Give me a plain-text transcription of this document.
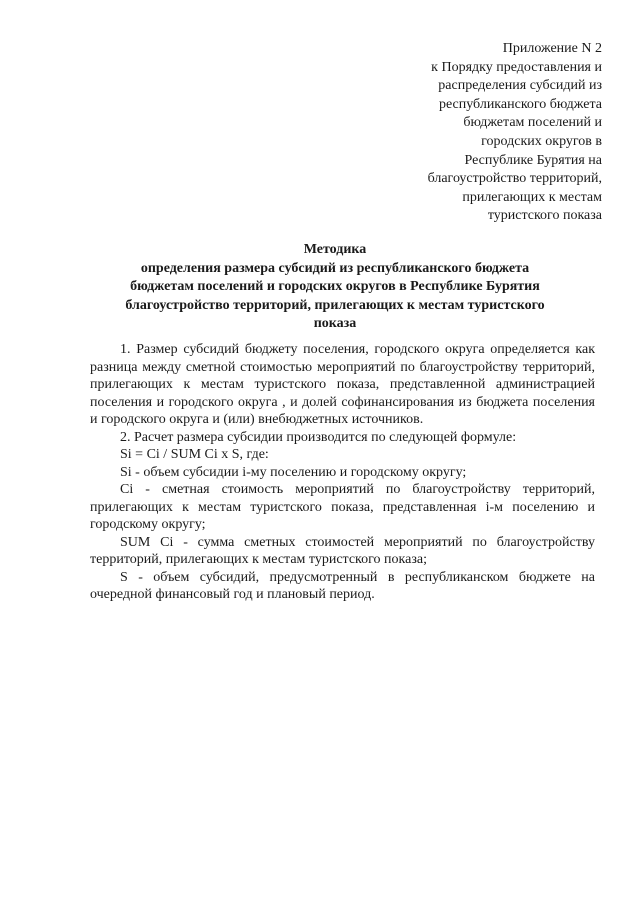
Приложение N 2
к Порядку предоставления и
распределения субсидий из
республиканского бюджета
бюджетам поселений и
городских округов в
Республике Бурятия на
благоустройство территорий,
прилегающих к местам
туристского показа
Методика
определения размера субсидий из республиканского бюджета
бюджетам поселений и городских округов в Республике Бурятия
благоустройство территорий, прилегающих к местам туристского
показа

1. Размер субсидий бюджету поселения, городского округа определяется как разница между сметной стоимостью мероприятий по благоустройству территорий, прилегающих к местам туристского показа, представленной администрацией поселения и городского округа , и долей софинансирования из бюджета поселения и городского округа и (или) внебюджетных источников.

2. Расчет размера субсидии производится по следующей формуле:

Si = Ci / SUM Ci x S, где:

Si - объем субсидии i-му поселению и городскому округу;

Ci - сметная стоимость мероприятий по благоустройству территорий, прилегающих к местам туристского показа, представленная i-м поселению и городскому округу;

SUM Ci - сумма сметных стоимостей мероприятий по благоустройству территорий, прилегающих к местам туристского показа;

S - объем субсидий, предусмотренный в республиканском бюджете на очередной финансовый год и плановый период.
